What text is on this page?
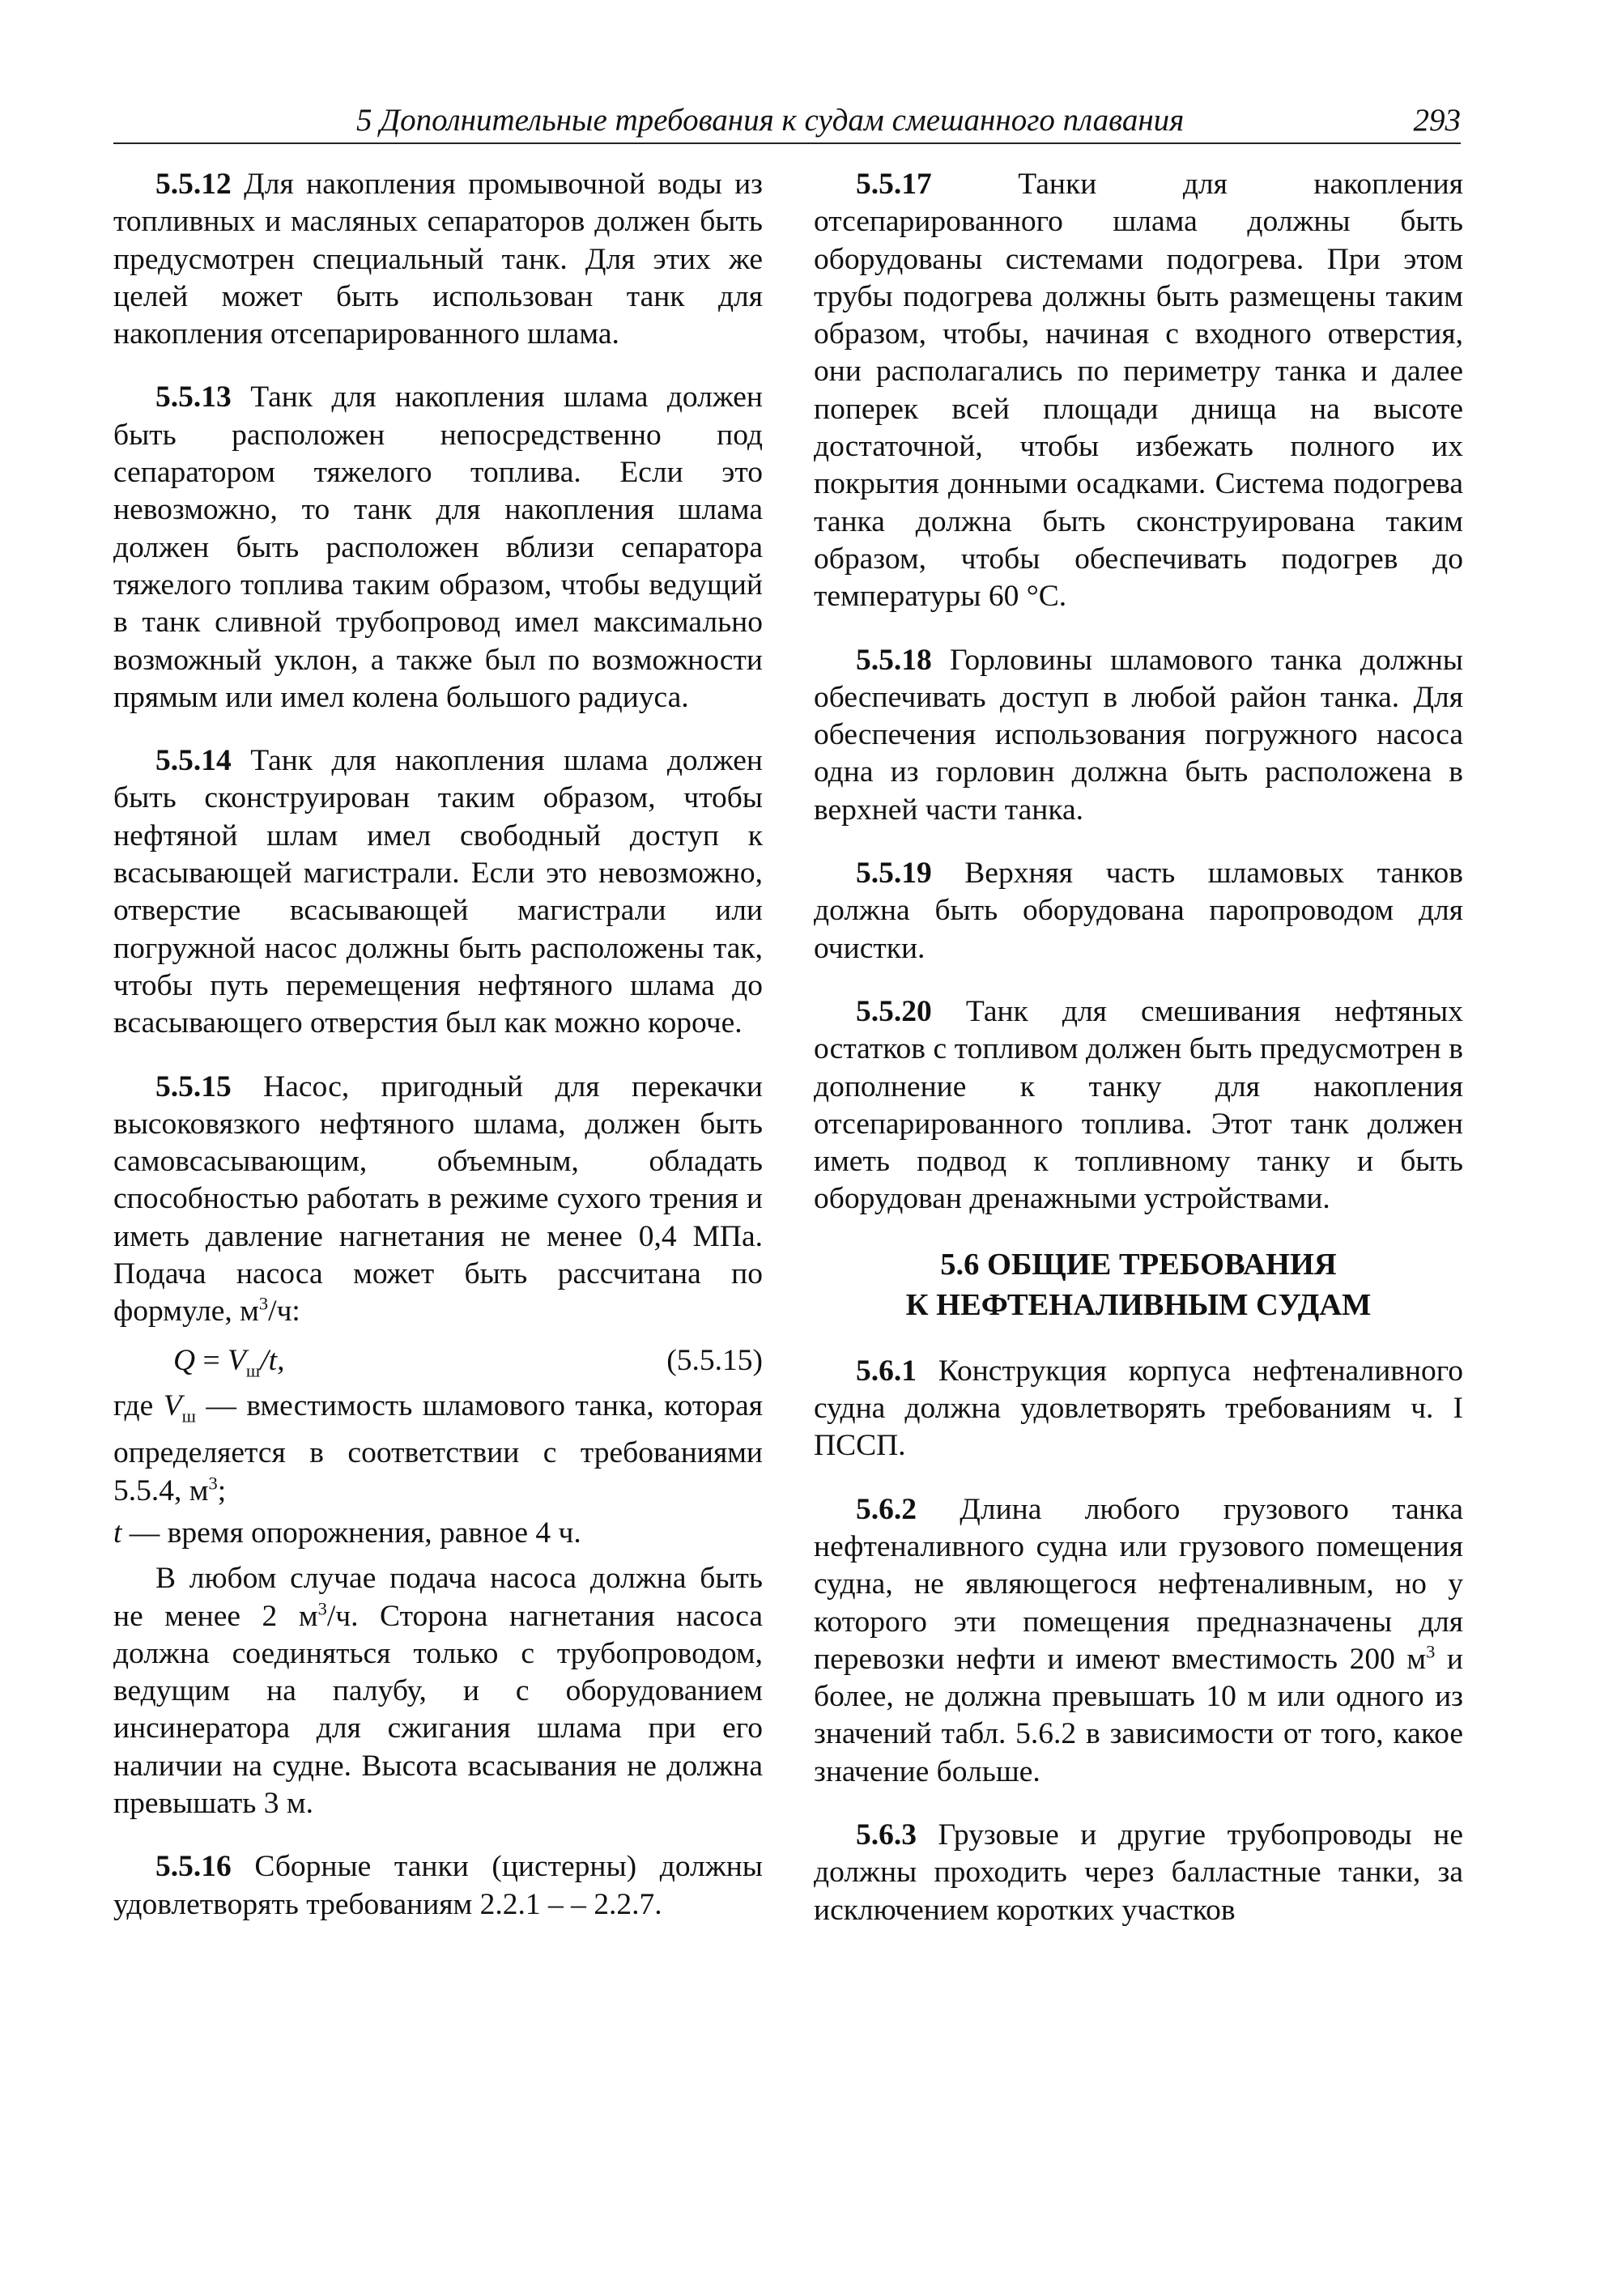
5 Дополнительные требования к судам смешанного плавания	293

5.5.12 Для накопления промывочной воды из топливных и масляных сепараторов должен быть предусмотрен специальный танк. Для этих же целей может быть использован танк для накопления отсепарированного шлама.

5.5.13 Танк для накопления шлама должен быть расположен непосредственно под сепаратором тяжелого топлива. Если это невозможно, то танк для накопления шлама должен быть расположен вблизи сепаратора тяжелого топлива таким образом, чтобы ведущий в танк сливной трубопровод имел максимально возможный уклон, а также был по возможности прямым или имел колена большого радиуса.

5.5.14 Танк для накопления шлама должен быть сконструирован таким образом, чтобы нефтяной шлам имел свободный доступ к всасывающей магистрали. Если это невозможно, отверстие всасывающей магистрали или погружной насос должны быть расположены так, чтобы путь перемещения нефтяного шлама до всасывающего отверстия был как можно короче.

5.5.15 Насос, пригодный для перекачки высоковязкого нефтяного шлама, должен быть самовсасывающим, объемным, обладать способностью работать в режиме сухого трения и иметь давление нагнетания не менее 0,4 МПа. Подача насоса может быть рассчитана по формуле, $м^3/ч$:

$Q = V_ш/t$,	(5.5.15)

где $V_ш$ — вместимость шламового танка, которая определяется в соответствии с требованиями 5.5.4, $м^3$;

t — время опорожнения, равное 4 ч.

В любом случае подача насоса должна быть не менее 2 $м^3/ч$. Сторона нагнетания насоса должна соединяться только с трубопроводом, ведущим на палубу, и с оборудованием инсинератора для сжигания шлама при его наличии на судне. Высота всасывания не должна превышать 3 м.

5.5.16 Сборные танки (цистерны) должны удовлетворять требованиям 2.2.1 – – 2.2.7.

5.5.17 Танки для накопления отсепарированного шлама должны быть оборудованы системами подогрева. При этом трубы подогрева должны быть размещены таким образом, чтобы, начиная с входного отверстия, они располагались по периметру танка и далее поперек всей площади днища на высоте достаточной, чтобы избежать полного их покрытия донными осадками. Система подогрева танка должна быть сконструирована таким образом, чтобы обеспечивать подогрев до температуры 60 °С.

5.5.18 Горловины шламового танка должны обеспечивать доступ в любой район танка. Для обеспечения использования погружного насоса одна из горловин должна быть расположена в верхней части танка.

5.5.19 Верхняя часть шламовых танков должна быть оборудована паропроводом для очистки.

5.5.20 Танк для смешивания нефтяных остатков с топливом должен быть предусмотрен в дополнение к танку для накопления отсепарированного топлива. Этот танк должен иметь подвод к топливному танку и быть оборудован дренажными устройствами.

5.6 ОБЩИЕ ТРЕБОВАНИЯ
К НЕФТЕНАЛИВНЫМ СУДАМ

5.6.1 Конструкция корпуса нефтеналивного судна должна удовлетворять требованиям ч. I ПССП.

5.6.2 Длина любого грузового танка нефтеналивного судна или грузового помещения судна, не являющегося нефтеналивным, но у которого эти помещения предназначены для перевозки нефти и имеют вместимость 200 $м^3$ и более, не должна превышать 10 м или одного из значений табл. 5.6.2 в зависимости от того, какое значение больше.

5.6.3 Грузовые и другие трубопроводы не должны проходить через балластные танки, за исключением коротких участков
